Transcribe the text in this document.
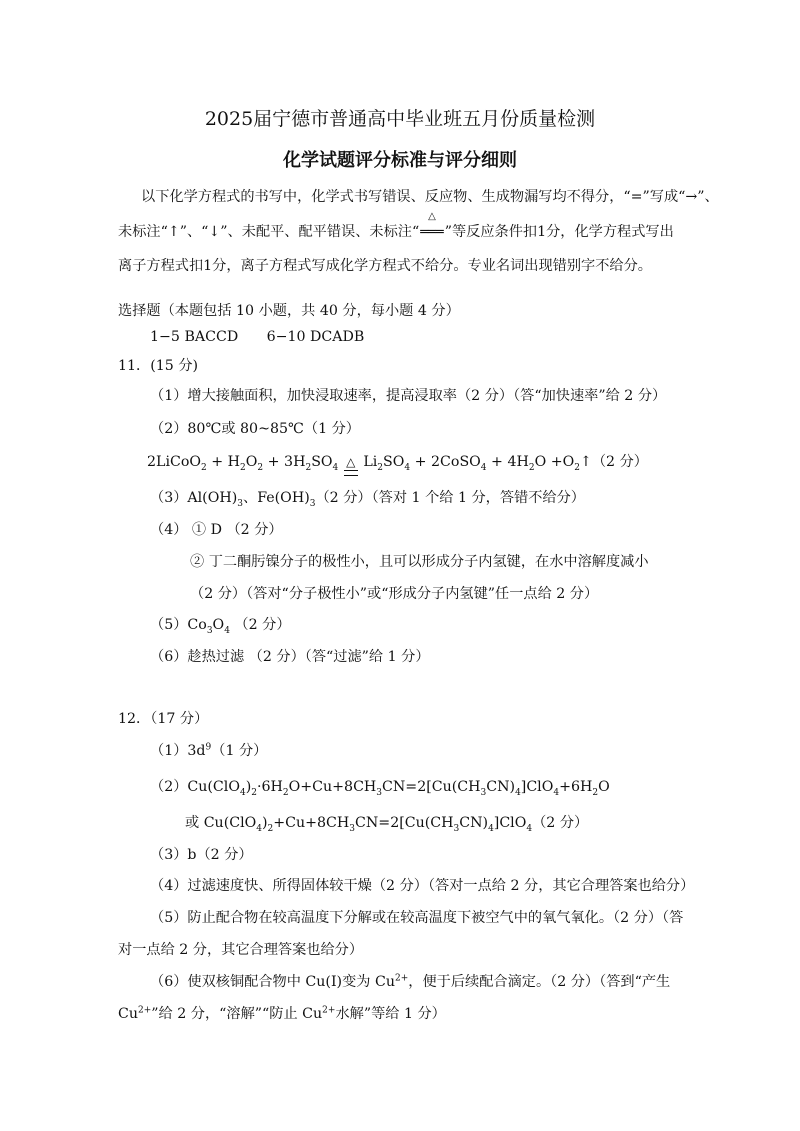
2025届宁德市普通高中毕业班五月份质量检测
化学试题评分标准与评分细则
以下化学方程式的书写中，化学式书写错误、反应物、生成物漏写均不得分，“=”写成“→”、
未标注“↑”、“↓”、未配平、配平错误、未标注“
△
═══”等反应条件扣1分，化学方程式写出
离子方程式扣1分，离子方程式写成化学方程式不给分。专业名词出现错别字不给分。
选择题（本题包括 10 小题，共 40 分，每小题 4 分）
1−5 BACCD　　6−10 DCADB
11．(15 分)
（1）增大接触面积，加快浸取速率，提高浸取率（2 分）（答“加快速率”给 2 分）
（2）80℃或 80~85℃（1 分）
2LiCoO$_2$ + $H_2O_2 + 3H_2SO_4$ △ $Li_2SO_4$ + 2CoSO$_4$ + $4H_2O$ $+O_2↑(2$ 分）
$(3)Al(OH)_3$、$Fe(OH)_3(2$ 分）（答对 1 个给 1 分，答错不给分）
（4） ① D （2 分）
② 丁二酮肟镍分子的极性小，且可以形成分子内氢键，在水中溶解度减小
（2 分）（答对“分子极性小”或“形成分子内氢键”任一点给 2 分）
$(5)Co_3O_4$ （2 分）
（6）趁热过滤 （2 分）（答“过滤”给 1 分）
12．（17 分）
$(1)3d^9(1$ 分）
$(2)Cu(ClO_4)_2\cdot 6H_2O+Cu+8CH_3CN=2[Cu(CH_3CN)_4]ClO_4+6H_2O$
或 $Cu(ClO_4)_2+Cu+8CH_3CN=2[Cu(CH_3CN)_4]ClO_4(2$ 分）
（3）b（2 分）
（4）过滤速度快、所得固体较干燥（2 分）（答对一点给 2 分，其它合理答案也给分）
（5）防止配合物在较高温度下分解或在较高温度下被空气中的氧气氧化。（2 分）（答
对一点给 2 分，其它合理答案也给分）
（6）使双核铜配合物中 Cu(I)变为 $Cu^{2+}$，便于后续配合滴定。（2 分）（答到“产生
$Cu^{2+}$”给 2 分，“溶解”“防止 $Cu^{2+}$水解”等给 1 分）
